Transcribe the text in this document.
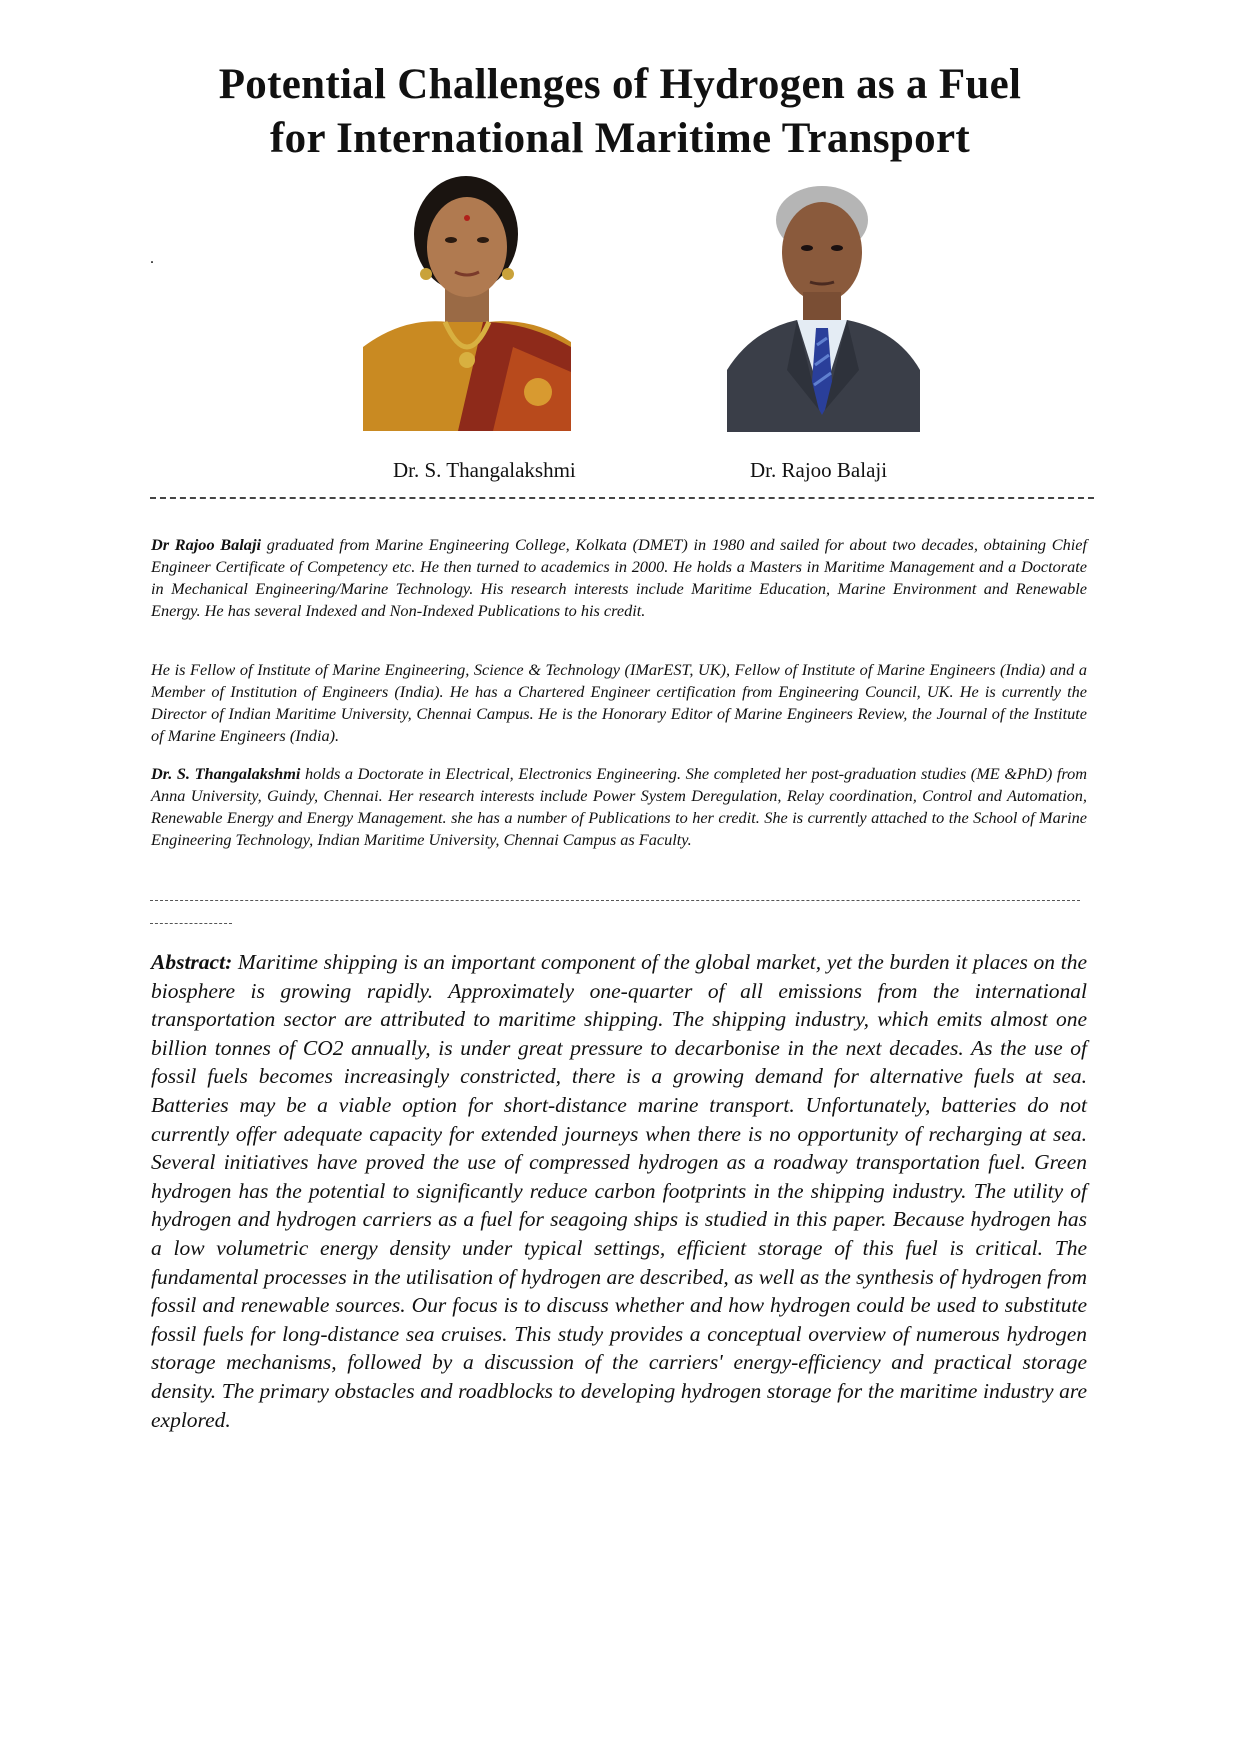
Potential Challenges of Hydrogen as a Fuel
for International Maritime Transport
.
Dr. S. Thangalakshmi	Dr. Rajoo Balaji

Dr Rajoo Balaji graduated from Marine Engineering College, Kolkata (DMET) in 1980 and sailed for about two decades, obtaining Chief Engineer Certificate of Competency etc. He then turned to academics in 2000. He holds a Masters in Maritime Management and a Doctorate in Mechanical Engineering/Marine Technology. His research interests include Maritime Education, Marine Environment and Renewable Energy. He has several Indexed and Non-Indexed Publications to his credit.

He is Fellow of Institute of Marine Engineering, Science & Technology (IMarEST, UK), Fellow of Institute of Marine Engineers (India) and a Member of Institution of Engineers (India). He has a Chartered Engineer certification from Engineering Council, UK. He is currently the Director of Indian Maritime University, Chennai Campus. He is the Honorary Editor of Marine Engineers Review, the Journal of the Institute of Marine Engineers (India).

Dr. S. Thangalakshmi holds a Doctorate in Electrical, Electronics Engineering. She completed her post-graduation studies (ME &PhD) from Anna University, Guindy, Chennai. Her research interests include Power System Deregulation, Relay coordination, Control and Automation, Renewable Energy and Energy Management. she has a number of Publications to her credit. She is currently attached to the School of Marine Engineering Technology, Indian Maritime University, Chennai Campus as Faculty.

Abstract: Maritime shipping is an important component of the global market, yet the burden it places on the biosphere is growing rapidly. Approximately one-quarter of all emissions from the international transportation sector are attributed to maritime shipping. The shipping industry, which emits almost one billion tonnes of CO2 annually, is under great pressure to decarbonise in the next decades. As the use of fossil fuels becomes increasingly constricted, there is a growing demand for alternative fuels at sea. Batteries may be a viable option for short-distance marine transport. Unfortunately, batteries do not currently offer adequate capacity for extended journeys when there is no opportunity of recharging at sea. Several initiatives have proved the use of compressed hydrogen as a roadway transportation fuel. Green hydrogen has the potential to significantly reduce carbon footprints in the shipping industry. The utility of hydrogen and hydrogen carriers as a fuel for seagoing ships is studied in this paper. Because hydrogen has a low volumetric energy density under typical settings, efficient storage of this fuel is critical. The fundamental processes in the utilisation of hydrogen are described, as well as the synthesis of hydrogen from fossil and renewable sources. Our focus is to discuss whether and how hydrogen could be used to substitute fossil fuels for long-distance sea cruises. This study provides a conceptual overview of numerous hydrogen storage mechanisms, followed by a discussion of the carriers' energy-efficiency and practical storage density. The primary obstacles and roadblocks to developing hydrogen storage for the maritime industry are explored.
